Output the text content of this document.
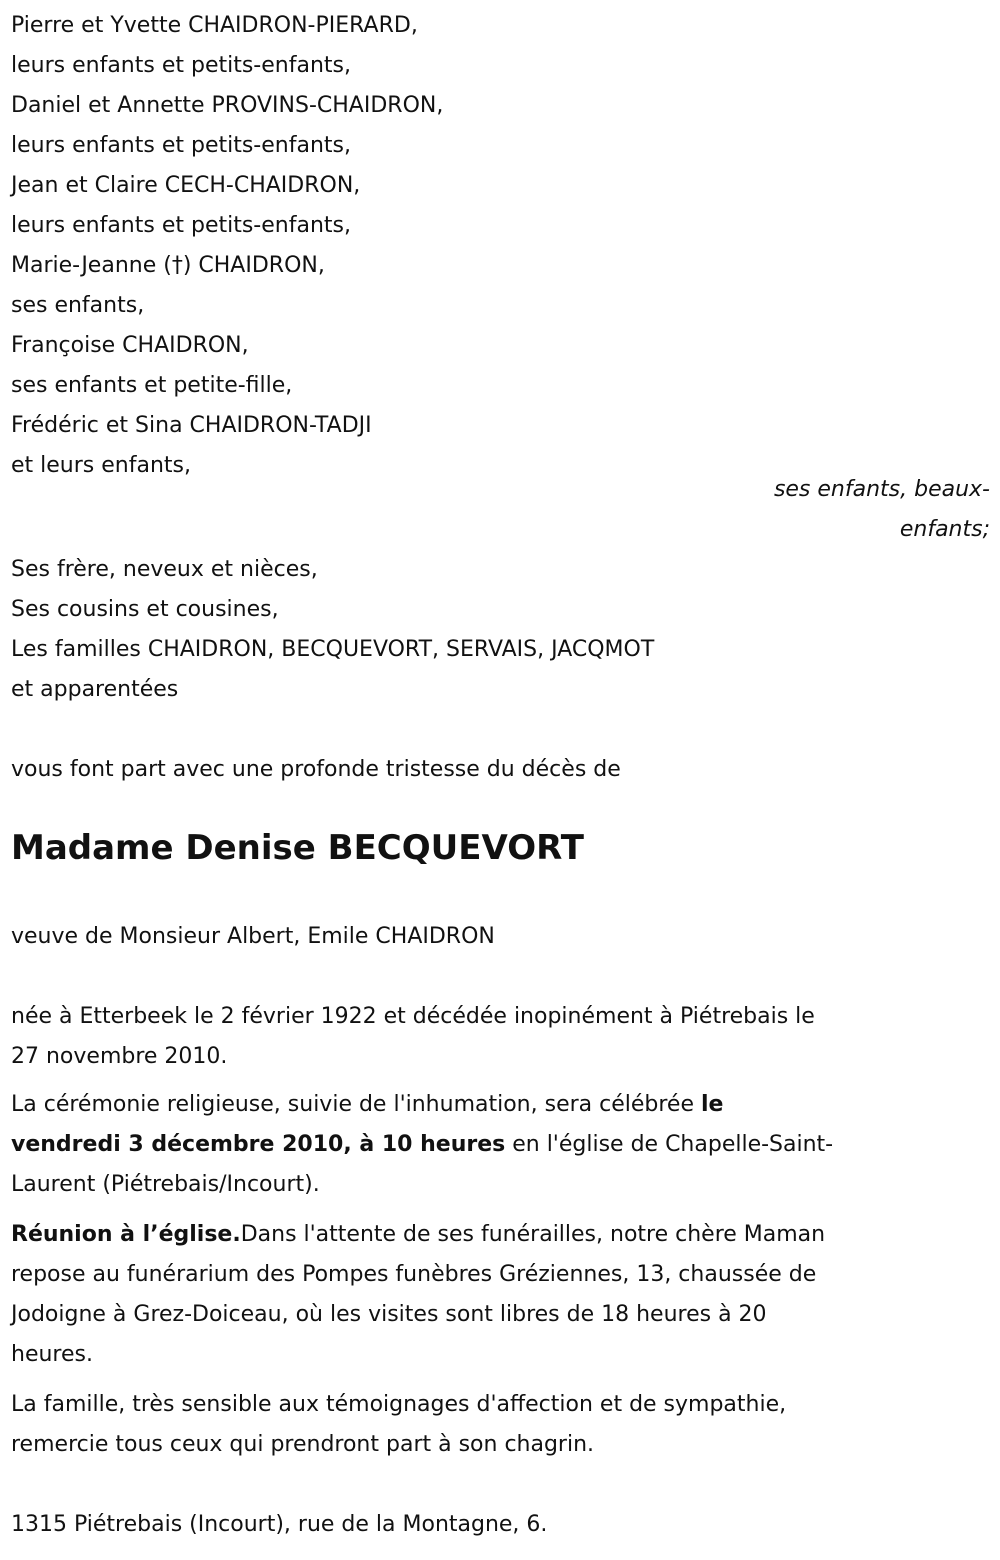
Pierre et Yvette CHAIDRON-PIERARD,
leurs enfants et petits-enfants,
Daniel et Annette PROVINS-CHAIDRON,
leurs enfants et petits-enfants,
Jean et Claire CECH-CHAIDRON,
leurs enfants et petits-enfants,
Marie-Jeanne (†) CHAIDRON,
ses enfants,
Françoise CHAIDRON,
ses enfants et petite-fille,
Frédéric et Sina CHAIDRON-TADJI
et leurs enfants,
ses enfants, beaux-
enfants;
Ses frère, neveux et nièces,
Ses cousins et cousines,
Les familles CHAIDRON, BECQUEVORT, SERVAIS, JACQMOT
et apparentées
vous font part avec une profonde tristesse du décès de
Madame Denise BECQUEVORT
veuve de Monsieur Albert, Emile CHAIDRON
née à Etterbeek le 2 février 1922 et décédée inopinément à Piétrebais le
27 novembre 2010.
La cérémonie religieuse, suivie de l'inhumation, sera célébrée le
vendredi 3 décembre 2010, à 10 heures en l'église de Chapelle-Saint-
Laurent (Piétrebais/Incourt).
Réunion à l’église.Dans l'attente de ses funérailles, notre chère Maman
repose au funérarium des Pompes funèbres Gréziennes, 13, chaussée de
Jodoigne à Grez-Doiceau, où les visites sont libres de 18 heures à 20
heures.
La famille, très sensible aux témoignages d'affection et de sympathie,
remercie tous ceux qui prendront part à son chagrin.
1315 Piétrebais (Incourt), rue de la Montagne, 6.
